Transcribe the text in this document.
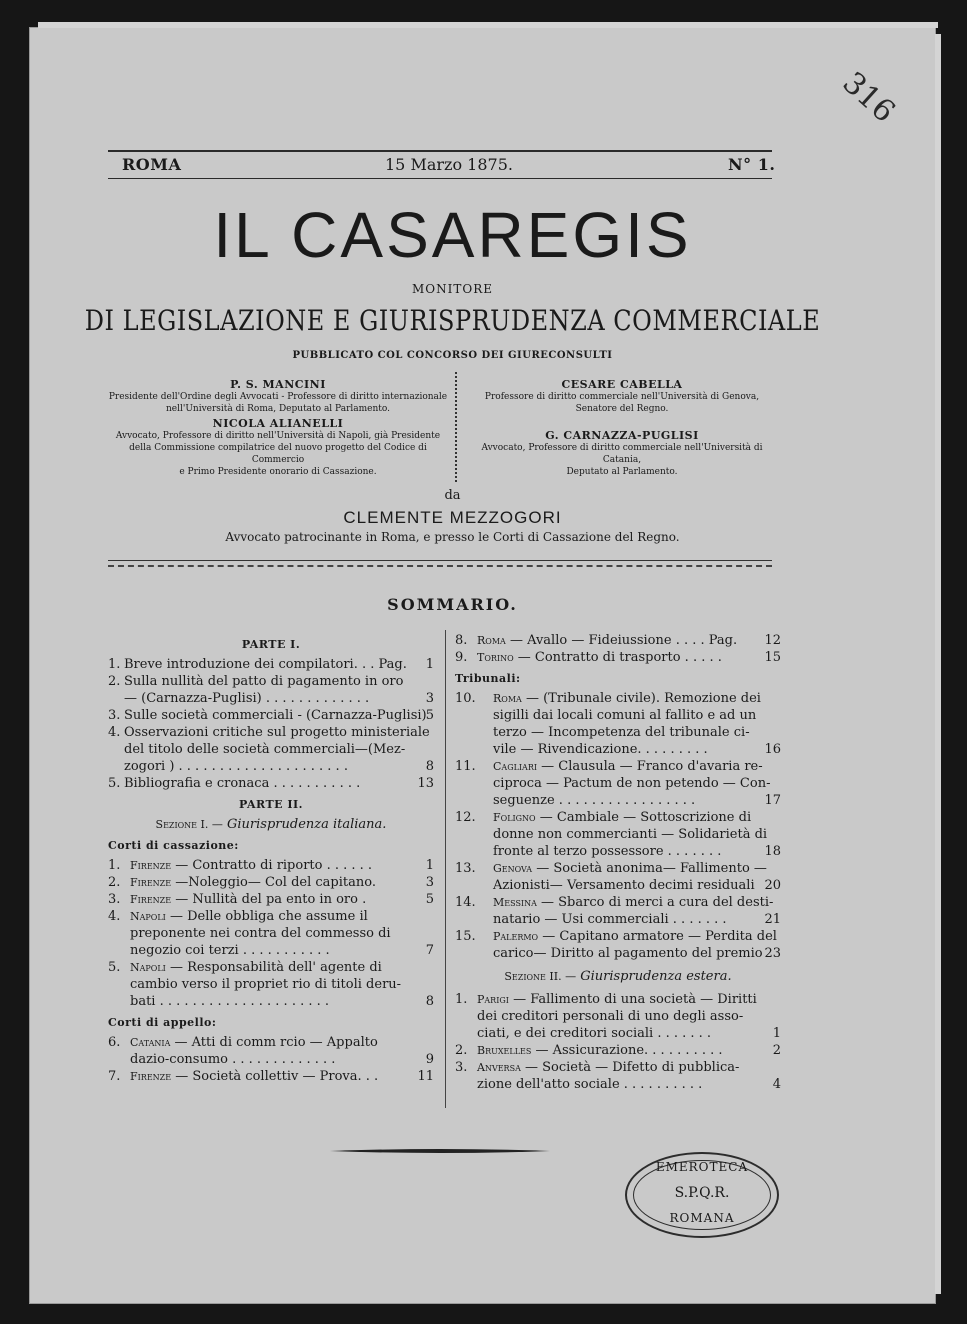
316
ROMA	15 Marzo 1875.	N° 1.
IL CASAREGIS
MONITORE
DI LEGISLAZIONE E GIURISPRUDENZA COMMERCIALE
PUBBLICATO COL CONCORSO DEI GIURECONSULTI
P. S. MANCINI
Presidente dell'Ordine degli Avvocati - Professore di diritto internazionale
nell'Università di Roma, Deputato al Parlamento.
NICOLA ALIANELLI
Avvocato, Professore di diritto nell'Università di Napoli, già Presidente
della Commissione compilatrice del nuovo progetto del Codice di Commercio
e Primo Presidente onorario di Cassazione.
CESARE CABELLA
Professore di diritto commerciale nell'Università di Genova,
Senatore del Regno.
G. CARNAZZA-PUGLISI
Avvocato, Professore di diritto commerciale nell'Università di Catania,
Deputato al Parlamento.
da
CLEMENTE MEZZOGORI
Avvocato patrocinante in Roma, e presso le Corti di Cassazione del Regno.
SOMMARIO.
PARTE I.
1. Breve introduzione dei compilatori. . . Pag. 1
2. Sulla nullità del patto di pagamento in oro
— (Carnazza-Puglisi) . . . . . . . . . . . . .	3
3. Sulle società commerciali - (Carnazza-Puglisi) 5
4. Osservazioni critiche sul progetto ministeriale
del titolo delle società commerciali—(Mez-
zogori ) . . . . . . . . . . . . . . . . . . . . .	8
5. Bibliografia e cronaca . . . . . . . . . . .	13
PARTE II.
Sezione I. — Giurisprudenza italiana.
Corti di cassazione:
1. Firenze — Contratto di riporto . . . . . .	1
2. Firenze —Noleggio— Col del capitano.	3
3. Firenze — Nullità del pa ento in oro .	5
4. Napoli — Delle obbliga che assume il
preponente nei contra del commesso di
negozio coi terzi . . . . . . . . . . .	7
5. Napoli — Responsabilità dell' agente di
cambio verso il propriet rio di titoli deru-
bati . . . . . . . . . . . . . . . . . . . . .	8
Corti di appello:
6. Catania — Atti di comm rcio — Appalto
dazio-consumo . . . . . . . . . . . . .	9
7. Firenze — Società collettiv — Prova. . .	11
8. Roma — Avallo — Fideiussione . . . . Pag. 12
9. Torino — Contratto di trasporto . . . . .	15
Tribunali:
10. Roma — (Tribunale civile). Remozione dei
sigilli dai locali comuni al fallito e ad un
terzo — Incompetenza del tribunale ci-
vile — Rivendicazione. . . . . . . . .	16
11. Cagliari — Clausula — Franco d'avaria re-
ciproca — Pactum de non petendo — Con-
seguenze . . . . . . . . . . . . . . . . .	17
12. Foligno — Cambiale — Sottoscrizione di
donne non commercianti — Solidarietà di
fronte al terzo possessore . . . . . . .	18
13. Genova — Società anonima— Fallimento —
Azionisti— Versamento decimi residuali 20
14. Messina — Sbarco di merci a cura del desti-
natario — Usi commerciali . . . . . . .	21
15. Palermo — Capitano armatore — Perdita del
carico— Diritto al pagamento del premio 23
Sezione II. — Giurisprudenza estera.
1. Parigi — Fallimento di una società — Diritti
dei creditori personali di uno degli asso-
ciati, e dei creditori sociali . . . . . . .	1
2. Bruxelles — Assicurazione. . . . . . . . . .	2
3. Anversa — Società — Difetto di pubblica-
zione dell'atto sociale . . . . . . . . . .	4
EMEROTECA
S.P.Q.R.
ROMANA
